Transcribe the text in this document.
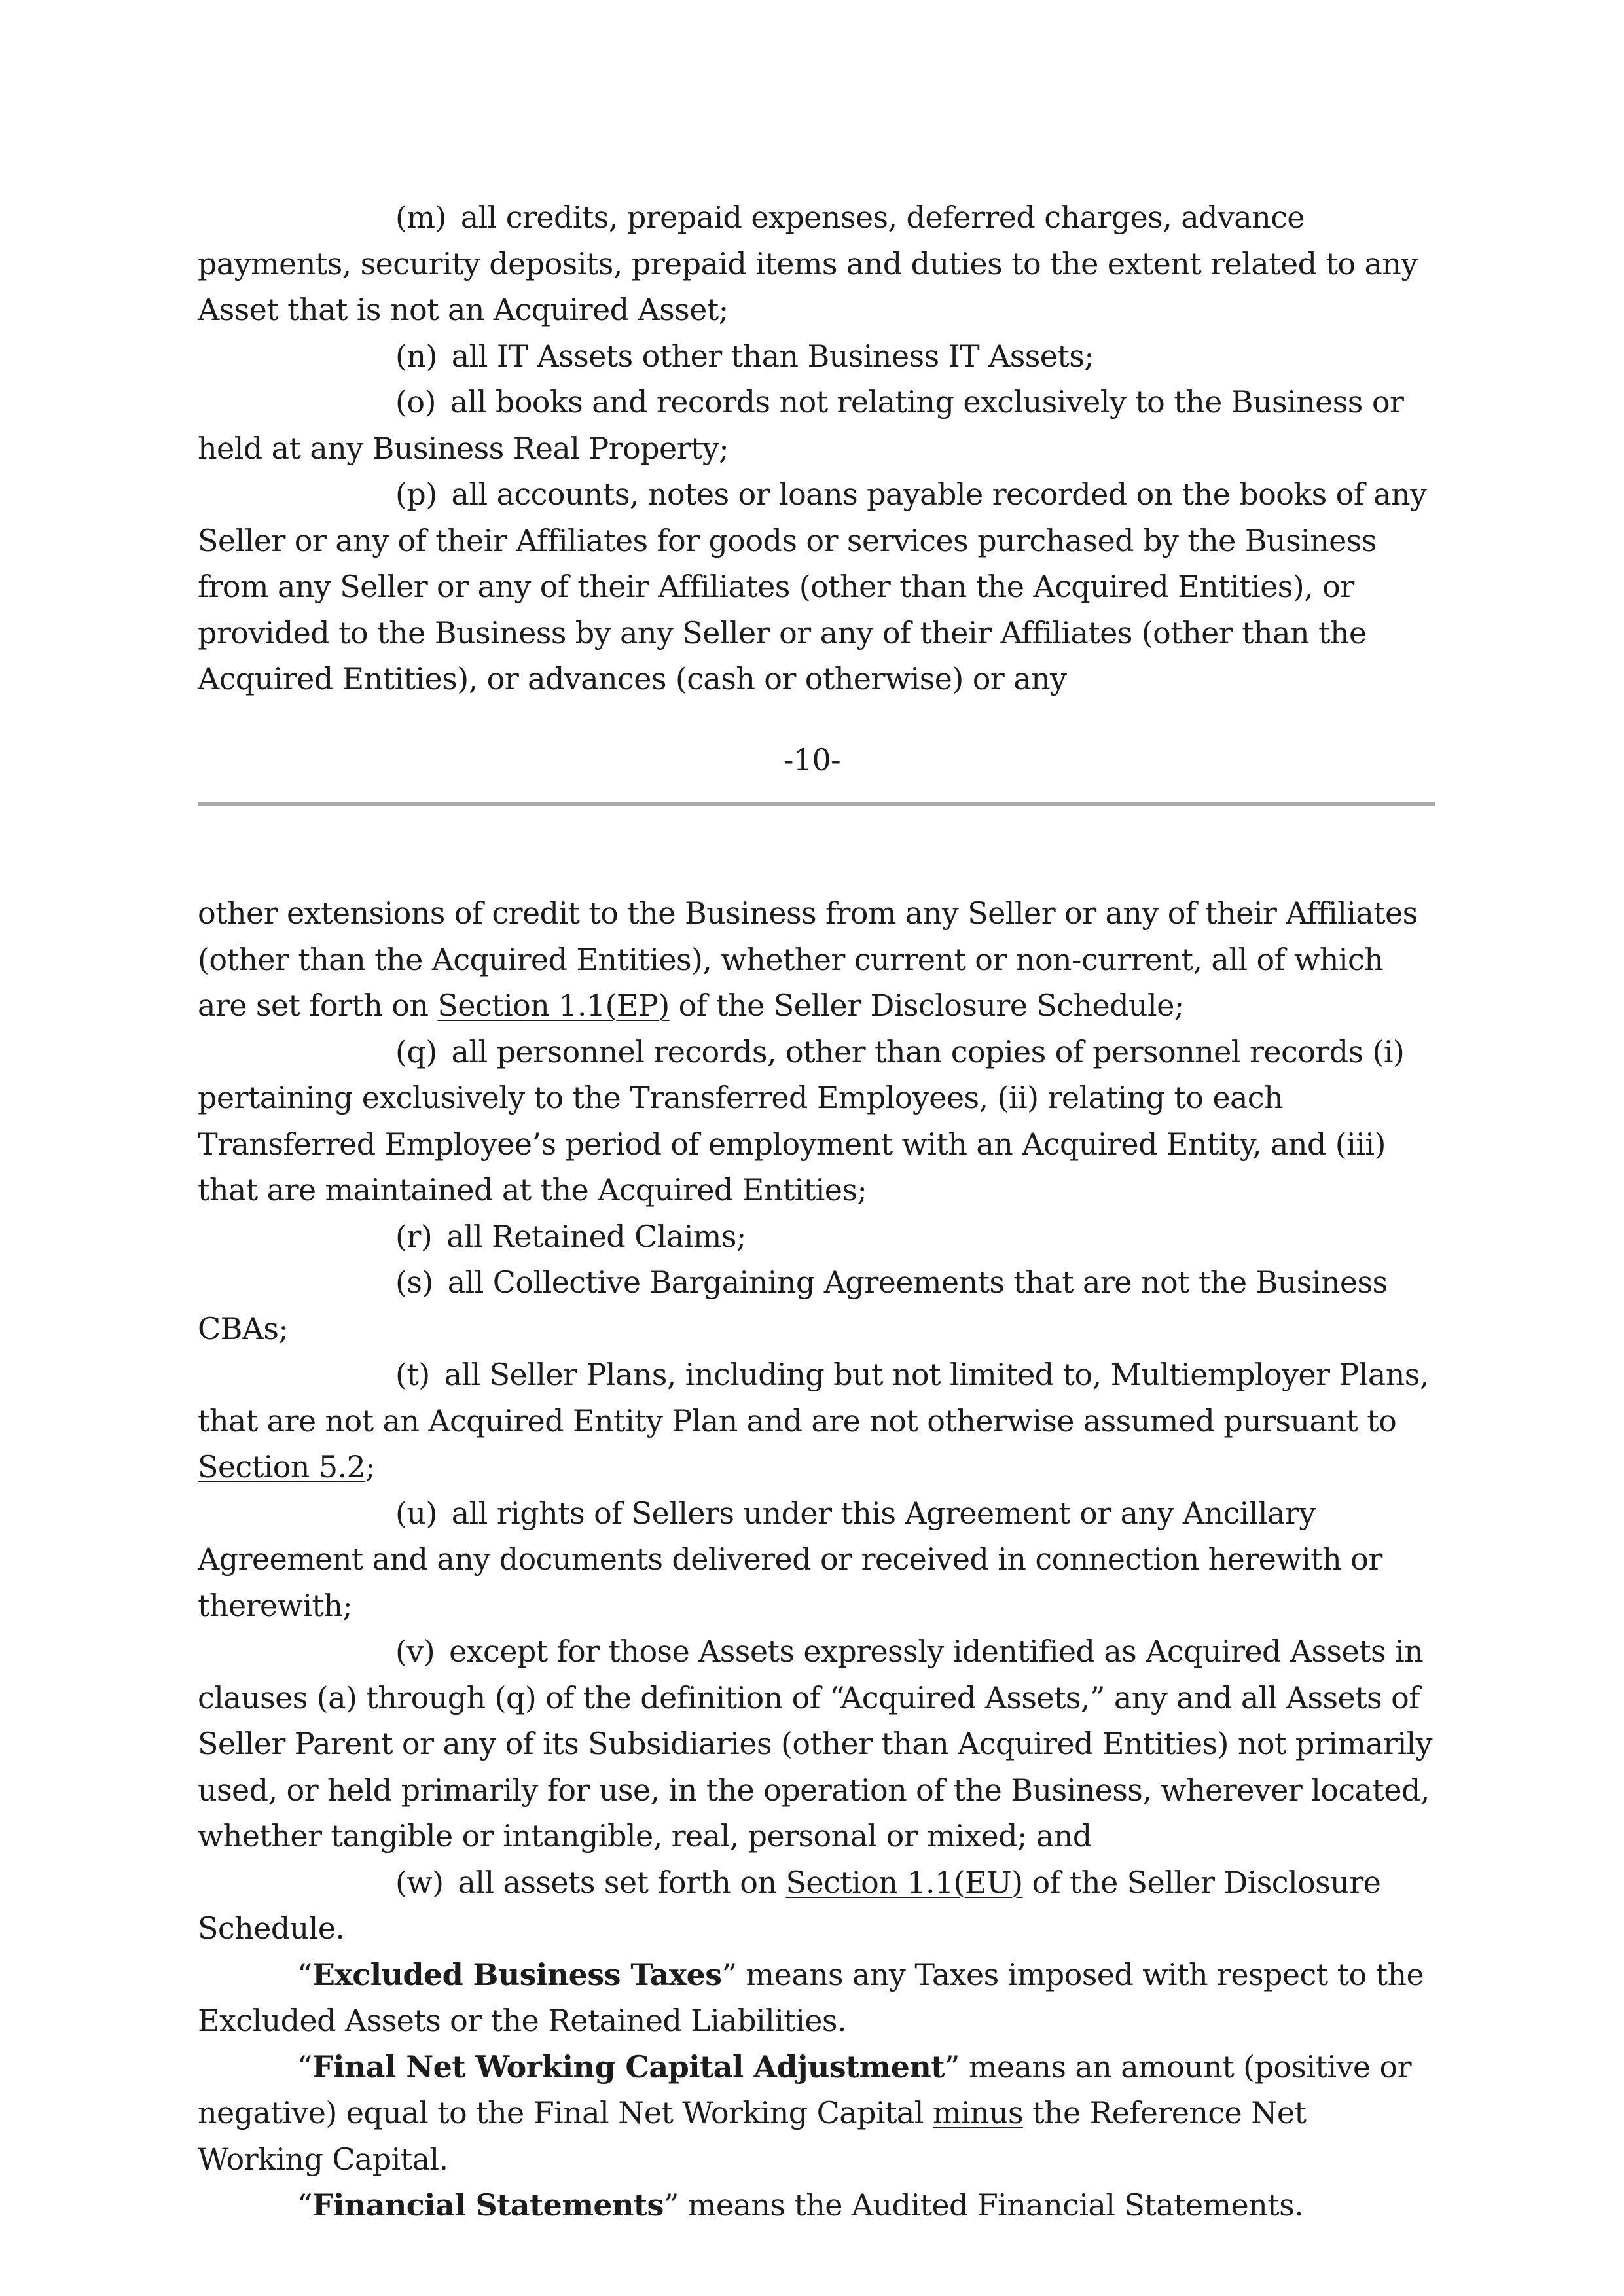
(m) all credits, prepaid expenses, deferred charges, advance payments, security deposits, prepaid items and duties to the extent related to any Asset that is not an Acquired Asset;

(n) all IT Assets other than Business IT Assets;

(o) all books and records not relating exclusively to the Business or held at any Business Real Property;

(p) all accounts, notes or loans payable recorded on the books of any Seller or any of their Affiliates for goods or services purchased by the Business from any Seller or any of their Affiliates (other than the Acquired Entities), or provided to the Business by any Seller or any of their Affiliates (other than the Acquired Entities), or advances (cash or otherwise) or any

-10-

other extensions of credit to the Business from any Seller or any of their Affiliates (other than the Acquired Entities), whether current or non-current, all of which are set forth on Section 1.1(EP) of the Seller Disclosure Schedule;

(q) all personnel records, other than copies of personnel records (i) pertaining exclusively to the Transferred Employees, (ii) relating to each Transferred Employee’s period of employment with an Acquired Entity, and (iii) that are maintained at the Acquired Entities;

(r) all Retained Claims;

(s) all Collective Bargaining Agreements that are not the Business CBAs;

(t) all Seller Plans, including but not limited to, Multiemployer Plans, that are not an Acquired Entity Plan and are not otherwise assumed pursuant to Section 5.2;

(u) all rights of Sellers under this Agreement or any Ancillary Agreement and any documents delivered or received in connection herewith or therewith;

(v) except for those Assets expressly identified as Acquired Assets in clauses (a) through (q) of the definition of “Acquired Assets,” any and all Assets of Seller Parent or any of its Subsidiaries (other than Acquired Entities) not primarily used, or held primarily for use, in the operation of the Business, wherever located, whether tangible or intangible, real, personal or mixed; and

(w) all assets set forth on Section 1.1(EU) of the Seller Disclosure Schedule.

“Excluded Business Taxes” means any Taxes imposed with respect to the Excluded Assets or the Retained Liabilities.

“Final Net Working Capital Adjustment” means an amount (positive or negative) equal to the Final Net Working Capital minus the Reference Net Working Capital.

“Financial Statements” means the Audited Financial Statements.
